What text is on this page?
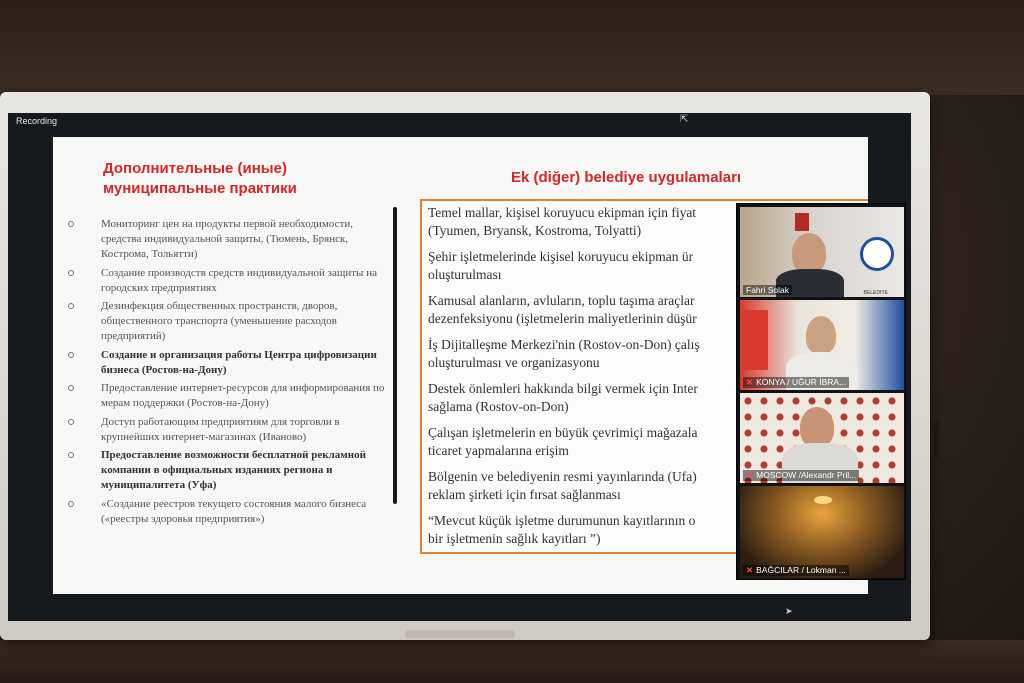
Recording	⇱
Дополнительные (иные) муниципальные практики
Ek (diğer) belediye uygulamaları
Мониторинг цен на продукты первой необходимости, средства индивидуальной защиты, (Тюмень, Брянск, Кострома, Тольятти)
Создание производств средств индивидуальной защиты на городских предприятиях
Дезинфекция общественных пространств, дворов, общественного транспорта (уменьшение расходов предприятий)
Создание и организация работы Центра цифровизации бизнеса (Ростов-на-Дону)
Предоставление интернет-ресурсов для информирования по мерам поддержки (Ростов-на-Дону)
Доступ работающим предприятиям для торговли в крупнейших интернет-магазинах (Иваново)
Предоставление возможности бесплатной рекламной компании в официальных изданиях региона и муниципалитета (Уфа)
«Создание реестров текущего состояния малого бизнеса («реестры здоровья предприятия»)
Temel mallar, kişisel koruyucu ekipman için fiyat
(Tyumen, Bryansk, Kostroma, Tolyatti)
Şehir işletmelerinde kişisel koruyucu ekipman ür
oluşturulması
Kamusal alanların, avluların, toplu taşıma araçlar
dezenfeksiyonu (işletmelerin maliyetlerinin düşür
İş Dijitalleşme Merkezi'nin (Rostov-on-Don) çalış
oluşturulması ve organizasyonu
Destek önlemleri hakkında bilgi vermek için Inter
sağlama (Rostov-on-Don)
Çalışan işletmelerin en büyük çevrimiçi mağazala
ticaret yapmalarına erişim
Bölgenin ve belediyenin resmi yayınlarında (Ufa)
reklam şirketi için fırsat sağlanması
“Mevcut küçük işletme durumunun kayıtlarının o
bir işletmenin sağlık kayıtları ”)
Fahri Solak	BELEDIYE
✕ KONYA / UĞUR İBRA...
✕ MOSCOW /Alexandr Pril...
✕ BAĞCILAR / Lokman ...
➤
